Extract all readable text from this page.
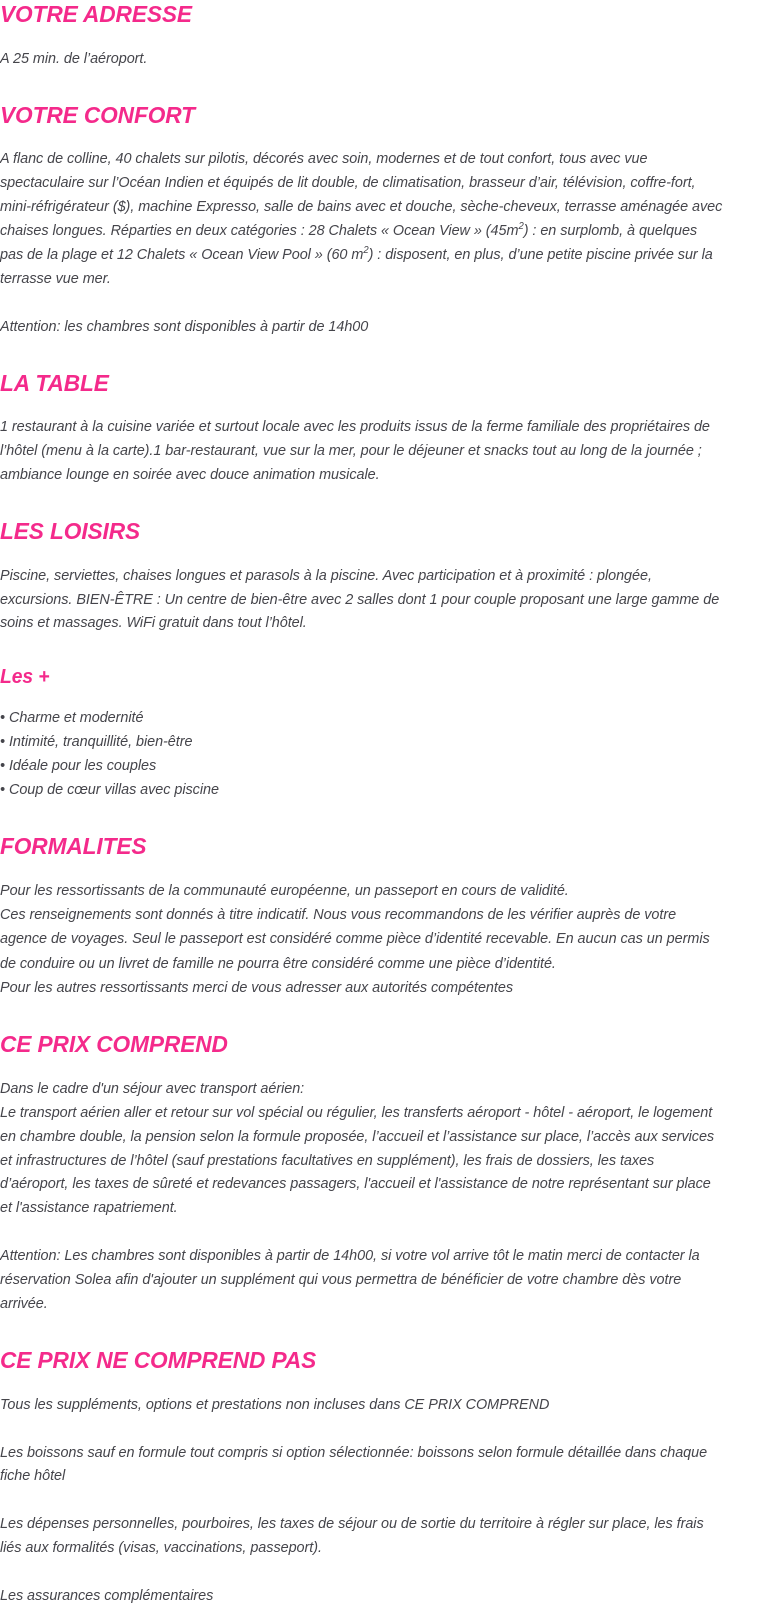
VOTRE ADRESSE

A 25 min. de l’aéroport.

VOTRE CONFORT

A flanc de colline, 40 chalets sur pilotis, décorés avec soin, modernes et de tout confort, tous avec vue spectaculaire sur l’Océan Indien et équipés de lit double, de climatisation, brasseur d’air, télévision, coffre-fort, mini-réfrigérateur ($), machine Expresso, salle de bains avec et douche, sèche-cheveux, terrasse aménagée avec chaises longues. Réparties en deux catégories : 28 Chalets « Ocean View » $(45m^2)$ : en surplomb, à quelques pas de la plage et 12 Chalets « Ocean View Pool » (60 $m^2$) : disposent, en plus, d’une petite piscine privée sur la terrasse vue mer.

Attention: les chambres sont disponibles à partir de 14h00

LA TABLE

1 restaurant à la cuisine variée et surtout locale avec les produits issus de la ferme familiale des propriétaires de l’hôtel (menu à la carte).1 bar-restaurant, vue sur la mer, pour le déjeuner et snacks tout au long de la journée ; ambiance lounge en soirée avec douce animation musicale.

LES LOISIRS

Piscine, serviettes, chaises longues et parasols à la piscine. Avec participation et à proximité : plongée, excursions. BIEN-ÊTRE : Un centre de bien-être avec 2 salles dont 1 pour couple proposant une large gamme de soins et massages. WiFi gratuit dans tout l’hôtel.

Les +
• Charme et modernité
• Intimité, tranquillité, bien-être
• Idéale pour les couples
• Coup de cœur villas avec piscine
FORMALITES

Pour les ressortissants de la communauté européenne, un passeport en cours de validité.

Ces renseignements sont donnés à titre indicatif. Nous vous recommandons de les vérifier auprès de votre agence de voyages. Seul le passeport est considéré comme pièce d’identité recevable. En aucun cas un permis de conduire ou un livret de famille ne pourra être considéré comme une pièce d’identité.

Pour les autres ressortissants merci de vous adresser aux autorités compétentes

CE PRIX COMPREND

Dans le cadre d'un séjour avec transport aérien:

Le transport aérien aller et retour sur vol spécial ou régulier, les transferts aéroport - hôtel - aéroport, le logement en chambre double, la pension selon la formule proposée, l’accueil et l’assistance sur place, l’accès aux services et infrastructures de l’hôtel (sauf prestations facultatives en supplément), les frais de dossiers, les taxes d’aéroport, les taxes de sûreté et redevances passagers, l'accueil et l'assistance de notre représentant sur place et l'assistance rapatriement.

Attention: Les chambres sont disponibles à partir de 14h00, si votre vol arrive tôt le matin merci de contacter la réservation Solea afin d'ajouter un supplément qui vous permettra de bénéficier de votre chambre dès votre arrivée.

CE PRIX NE COMPREND PAS

Tous les suppléments, options et prestations non incluses dans CE PRIX COMPREND

Les boissons sauf en formule tout compris si option sélectionnée: boissons selon formule détaillée dans chaque fiche hôtel

Les dépenses personnelles, pourboires, les taxes de séjour ou de sortie du territoire à régler sur place, les frais liés aux formalités (visas, vaccinations, passeport).

Les assurances complémentaires
